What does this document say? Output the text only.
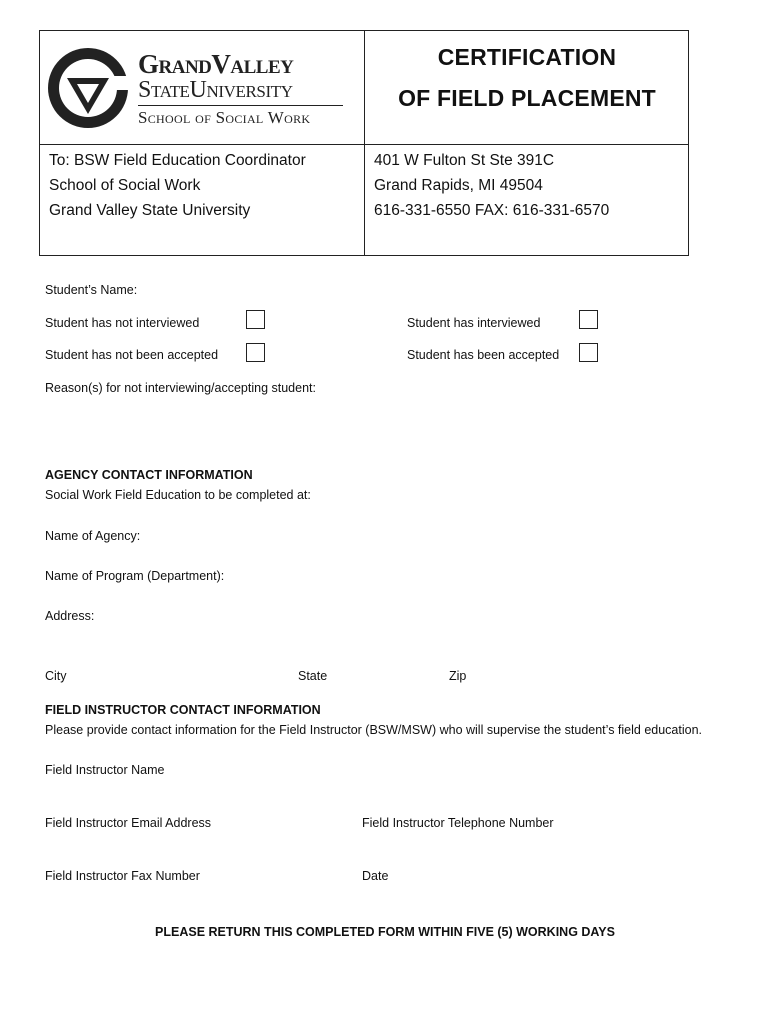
GrandValley
StateUniversity
School of Social Work
CERTIFICATION
OF FIELD PLACEMENT
To: BSW Field Education Coordinator
School of Social Work
Grand Valley State University
401 W Fulton St Ste 391C
Grand Rapids, MI 49504
616-331-6550 FAX: 616-331-6570
Student’s Name:
Student has not interviewed	Student has interviewed
Student has not been accepted	Student has been accepted
Reason(s) for not interviewing/accepting student:
AGENCY CONTACT INFORMATION
Social Work Field Education to be completed at:
Name of Agency:
Name of Program (Department):
Address:
City	State	Zip
FIELD INSTRUCTOR CONTACT INFORMATION
Please provide contact information for the Field Instructor (BSW/MSW) who will supervise the student’s field education.
Field Instructor Name
Field Instructor Email Address	Field Instructor Telephone Number
Field Instructor Fax Number	Date
PLEASE RETURN THIS COMPLETED FORM WITHIN FIVE (5) WORKING DAYS
